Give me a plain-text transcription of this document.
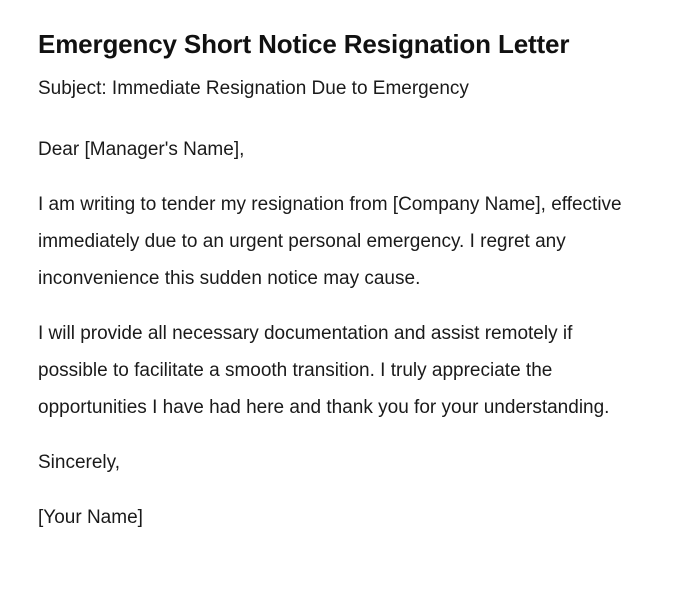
Emergency Short Notice Resignation Letter

Subject: Immediate Resignation Due to Emergency

Dear [Manager's Name],

I am writing to tender my resignation from [Company Name], effective immediately due to an urgent personal emergency. I regret any inconvenience this sudden notice may cause.

I will provide all necessary documentation and assist remotely if possible to facilitate a smooth transition. I truly appreciate the opportunities I have had here and thank you for your understanding.

Sincerely,

[Your Name]
